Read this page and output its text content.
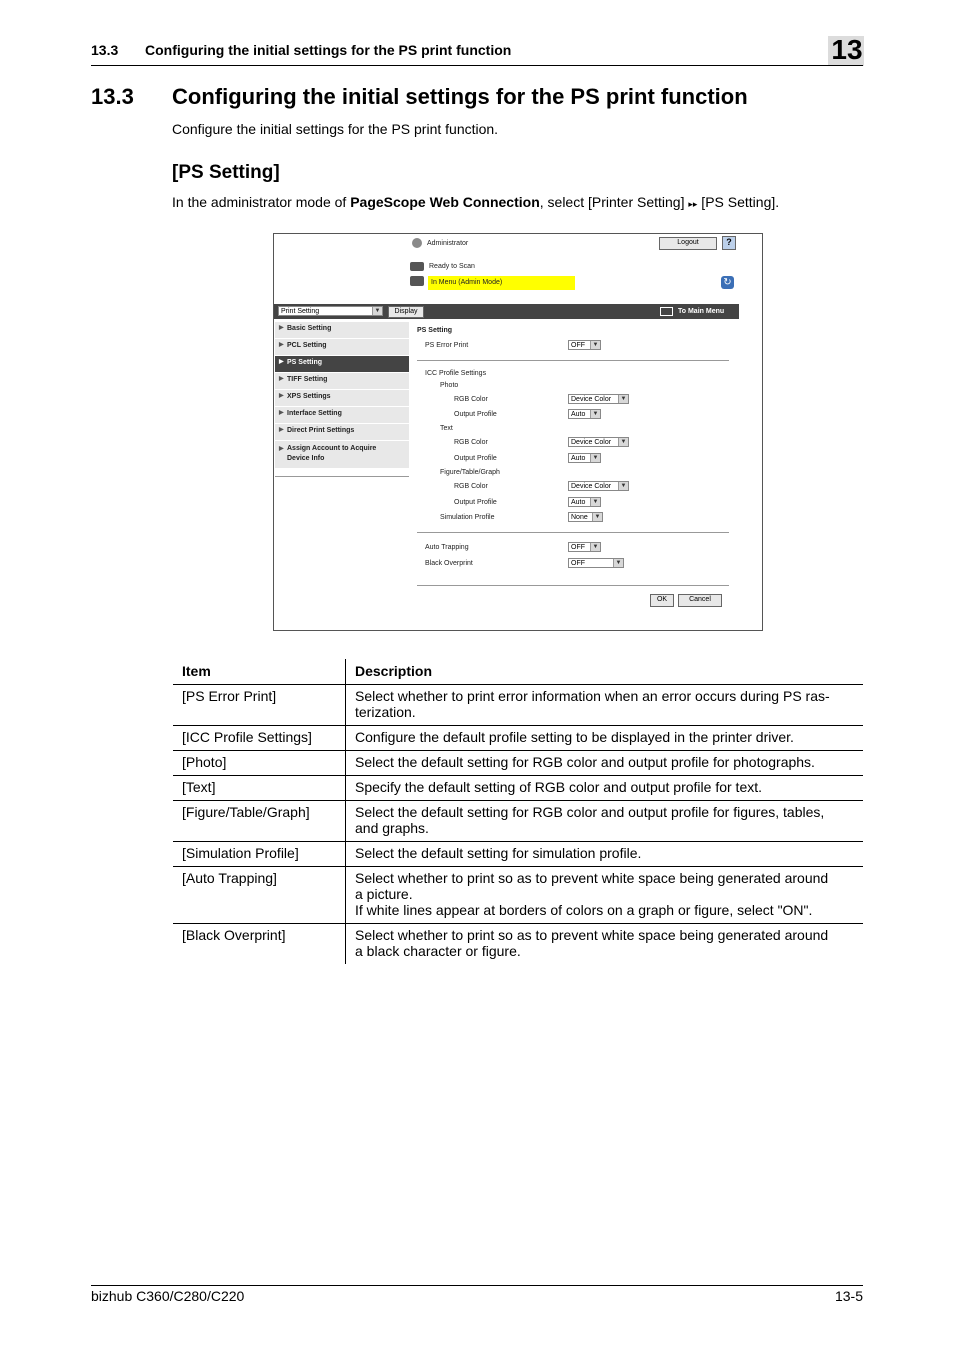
13.3 Configuring the initial settings for the PS print function	13
13.3 Configuring the initial settings for the PS print function
Configure the initial settings for the PS print function.
[PS Setting]
In the administrator mode of PageScope Web Connection, select [Printer Setting] ▸▸ [PS Setting].
Administrator	Logout	?
Ready to Scan
In Menu (Admin Mode)	↻
Print Setting	▼	Display	To Main Menu
▶ Basic Setting
▶ PCL Setting
▶ PS Setting
▶ TIFF Setting
▶ XPS Settings
▶ Interface Setting
▶ Direct Print Settings
▶ Assign Account to Acquire
Device Info
PS Setting
PS Error Print	OFF	▼
ICC Profile Settings
Photo
RGB Color	Device Color	▼
Output Profile	Auto	▼
Text
RGB Color	Device Color	▼
Output Profile	Auto	▼
Figure/Table/Graph
RGB Color	Device Color	▼
Output Profile	Auto	▼
Simulation Profile	None	▼
Auto Trapping	OFF	▼
Black Overprint	OFF	▼
OK	Cancel
Item	Description
[PS Error Print]	Select whether to print error information when an error occurs during PS ras-
terization.

[ICC Profile Settings]	Configure the default profile setting to be displayed in the printer driver.

[Photo]	Select the default setting for RGB color and output profile for photographs.

[Text]	Specify the default setting of RGB color and output profile for text.

[Figure/Table/Graph]	Select the default setting for RGB color and output profile for figures, tables,
and graphs.

[Simulation Profile]	Select the default setting for simulation profile.

[Auto Trapping]	Select whether to print so as to prevent white space being generated around
a picture.
If white lines appear at borders of colors on a graph or figure, select "ON".

[Black Overprint]	Select whether to print so as to prevent white space being generated around
a black character or figure.
bizhub C360/C280/C220	13-5
